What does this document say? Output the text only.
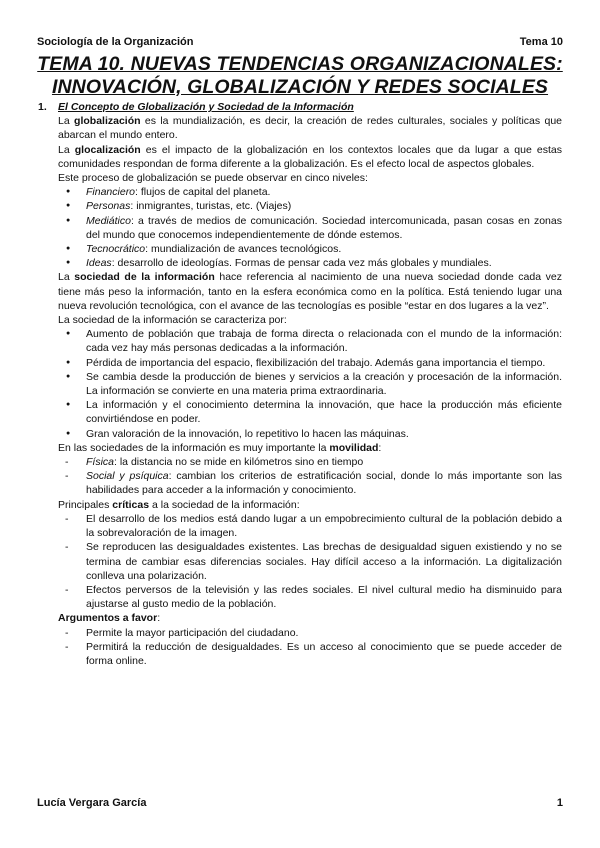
Sociología de la Organización	Tema 10
TEMA 10. NUEVAS TENDENCIAS ORGANIZACIONALES:
INNOVACIÓN, GLOBALIZACIÓN Y REDES SOCIALES
1. El Concepto de Globalización y Sociedad de la Información

La globalización es la mundialización, es decir, la creación de redes culturales, sociales y políticas que abarcan el mundo entero.

La glocalización es el impacto de la globalización en los contextos locales que da lugar a que estas comunidades respondan de forma diferente a la globalización. Es el efecto local de aspectos globales.

Este proceso de globalización se puede observar en cinco niveles:

● Financiero: flujos de capital del planeta.
● Personas: inmigrantes, turistas, etc. (Viajes)
● Mediático: a través de medios de comunicación. Sociedad intercomunicada, pasan cosas en zonas del mundo que conocemos independientemente de dónde estemos.
● Tecnocrático: mundialización de avances tecnológicos.
● Ideas: desarrollo de ideologías. Formas de pensar cada vez más globales y mundiales.

La sociedad de la información hace referencia al nacimiento de una nueva sociedad donde cada vez tiene más peso la información, tanto en la esfera económica como en la política. Está teniendo lugar una nueva revolución tecnológica, con el avance de las tecnologías es posible “estar en dos lugares a la vez”.

La sociedad de la información se caracteriza por:

● Aumento de población que trabaja de forma directa o relacionada con el mundo de la información: cada vez hay más personas dedicadas a la información.
● Pérdida de importancia del espacio, flexibilización del trabajo. Además gana importancia el tiempo.
● Se cambia desde la producción de bienes y servicios a la creación y procesación de la información. La información se convierte en una materia prima extraordinaria.
● La información y el conocimiento determina la innovación, que hace la producción más eficiente convirtiéndose en poder.
● Gran valoración de la innovación, lo repetitivo lo hacen las máquinas.

En las sociedades de la información es muy importante la movilidad:

- Física: la distancia no se mide en kilómetros sino en tiempo
- Social y psíquica: cambian los criterios de estratificación social, donde lo más importante son las habilidades para acceder a la información y conocimiento.

Principales críticas a la sociedad de la información:

- El desarrollo de los medios está dando lugar a un empobrecimiento cultural de la población debido a la sobrevaloración de la imagen.
- Se reproducen las desigualdades existentes. Las brechas de desigualdad siguen existiendo y no se termina de cambiar esas diferencias sociales. Hay difícil acceso a la información. La digitalización conlleva una polarización.
- Efectos perversos de la televisión y las redes sociales. El nivel cultural medio ha disminuido para ajustarse al gusto medio de la población.

Argumentos a favor:

- Permite la mayor participación del ciudadano.
- Permitirá la reducción de desigualdades. Es un acceso al conocimiento que se puede acceder de forma online.
Lucía Vergara García	1
